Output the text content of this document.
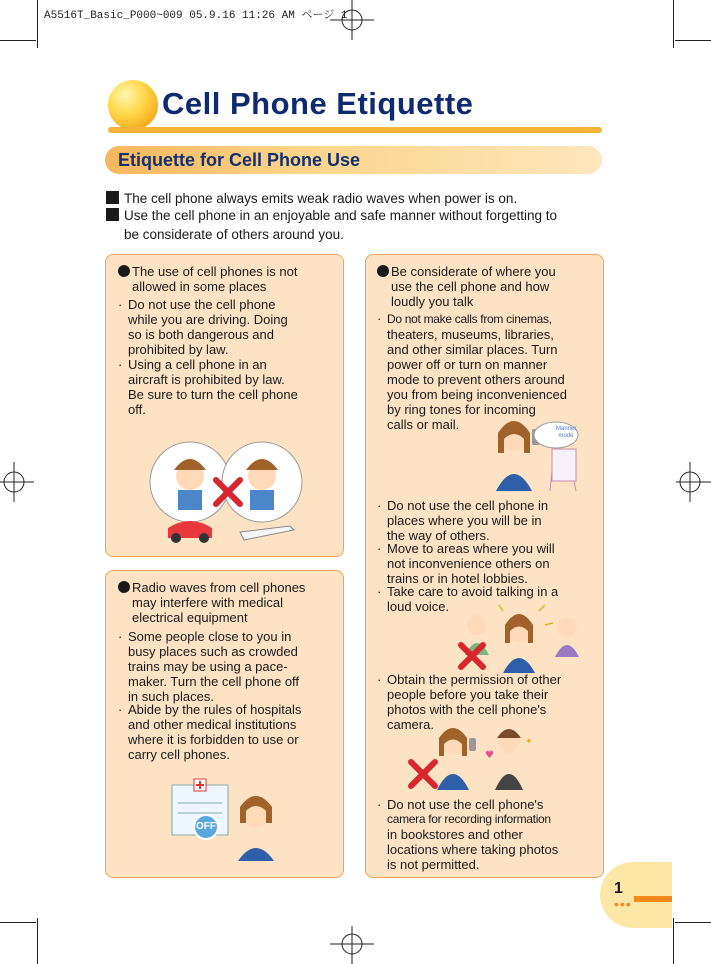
A5516T_Basic_P000~009 05.9.16 11:26 AM ページ 1
Cell Phone Etiquette
Etiquette for Cell Phone Use
The cell phone always emits weak radio waves when power is on.
Use the cell phone in an enjoyable and safe manner without forgetting to
be considerate of others around you.
The use of cell phones is not
allowed in some places
· Do not use the cell phone
while you are driving. Doing
so is both dangerous and
prohibited by law.
· Using a cell phone in an
aircraft is prohibited by law.
Be sure to turn the cell phone
off.
Radio waves from cell phones
may interfere with medical
electrical equipment
· Some people close to you in
busy places such as crowded
trains may be using a pace-
maker. Turn the cell phone off
in such places.
· Abide by the rules of hospitals
and other medical institutions
where it is forbidden to use or
carry cell phones.
OFF
Be considerate of where you
use the cell phone and how
loudly you talk
· Do not make calls from cinemas,
theaters, museums, libraries,
and other similar places. Turn
power off or turn on manner
mode to prevent others around
you from being inconvenienced
by ring tones for incoming
calls or mail.	Manner
mode
· Do not use the cell phone in
places where you will be in
the way of others.
· Move to areas where you will
not inconvenience others on
trains or in hotel lobbies.
· Take care to avoid talking in a
loud voice.
· Obtain the permission of other
people before you take their
photos with the cell phone's
camera.
♥
✦
· Do not use the cell phone's
camera for recording information
in bookstores and other
locations where taking photos
is not permitted.
1
•••
